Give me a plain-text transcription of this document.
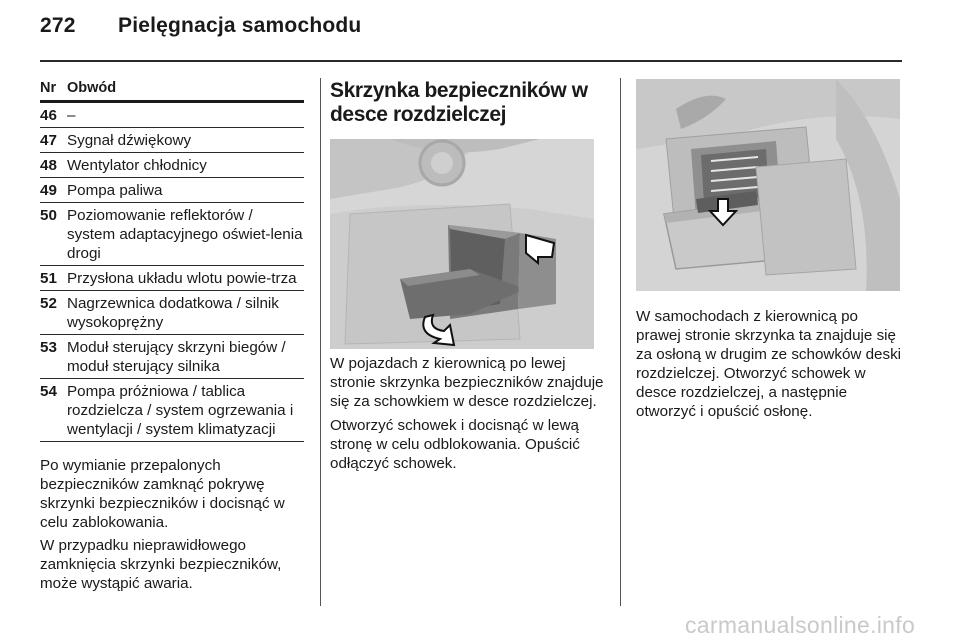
272 Pielęgnacja samochodu
Nr Obwód
46 –
47 Sygnał dźwiękowy
48 Wentylator chłodnicy
49 Pompa paliwa
50 Poziomowanie reflektorów / system adaptacyjnego oświet-lenia drogi
51 Przysłona układu wlotu powie-trza
52 Nagrzewnica dodatkowa / silnik wysokoprężny
53 Moduł sterujący skrzyni biegów / moduł sterujący silnika
54 Pompa próżniowa / tablica rozdzielcza / system ogrzewania i wentylacji / system klimatyzacji

Po wymianie przepalonych bezpieczników zamknąć pokrywę skrzynki bezpieczników i docisnąć w celu zablokowania.

W przypadku nieprawidłowego zamknięcia skrzynki bezpieczników, może wystąpić awaria.

Skrzynka bezpieczników w desce rozdzielczej

W pojazdach z kierownicą po lewej stronie skrzynka bezpieczników znajduje się za schowkiem w desce rozdzielczej.

Otworzyć schowek i docisnąć w lewą stronę w celu odblokowania. Opuścić odłączyć schowek.

W samochodach z kierownicą po prawej stronie skrzynka ta znajduje się za osłoną w drugim ze schowków deski rozdzielczej. Otworzyć schowek w desce rozdzielczej, a następnie otworzyć i opuścić osłonę.

carmanualsonline.info
